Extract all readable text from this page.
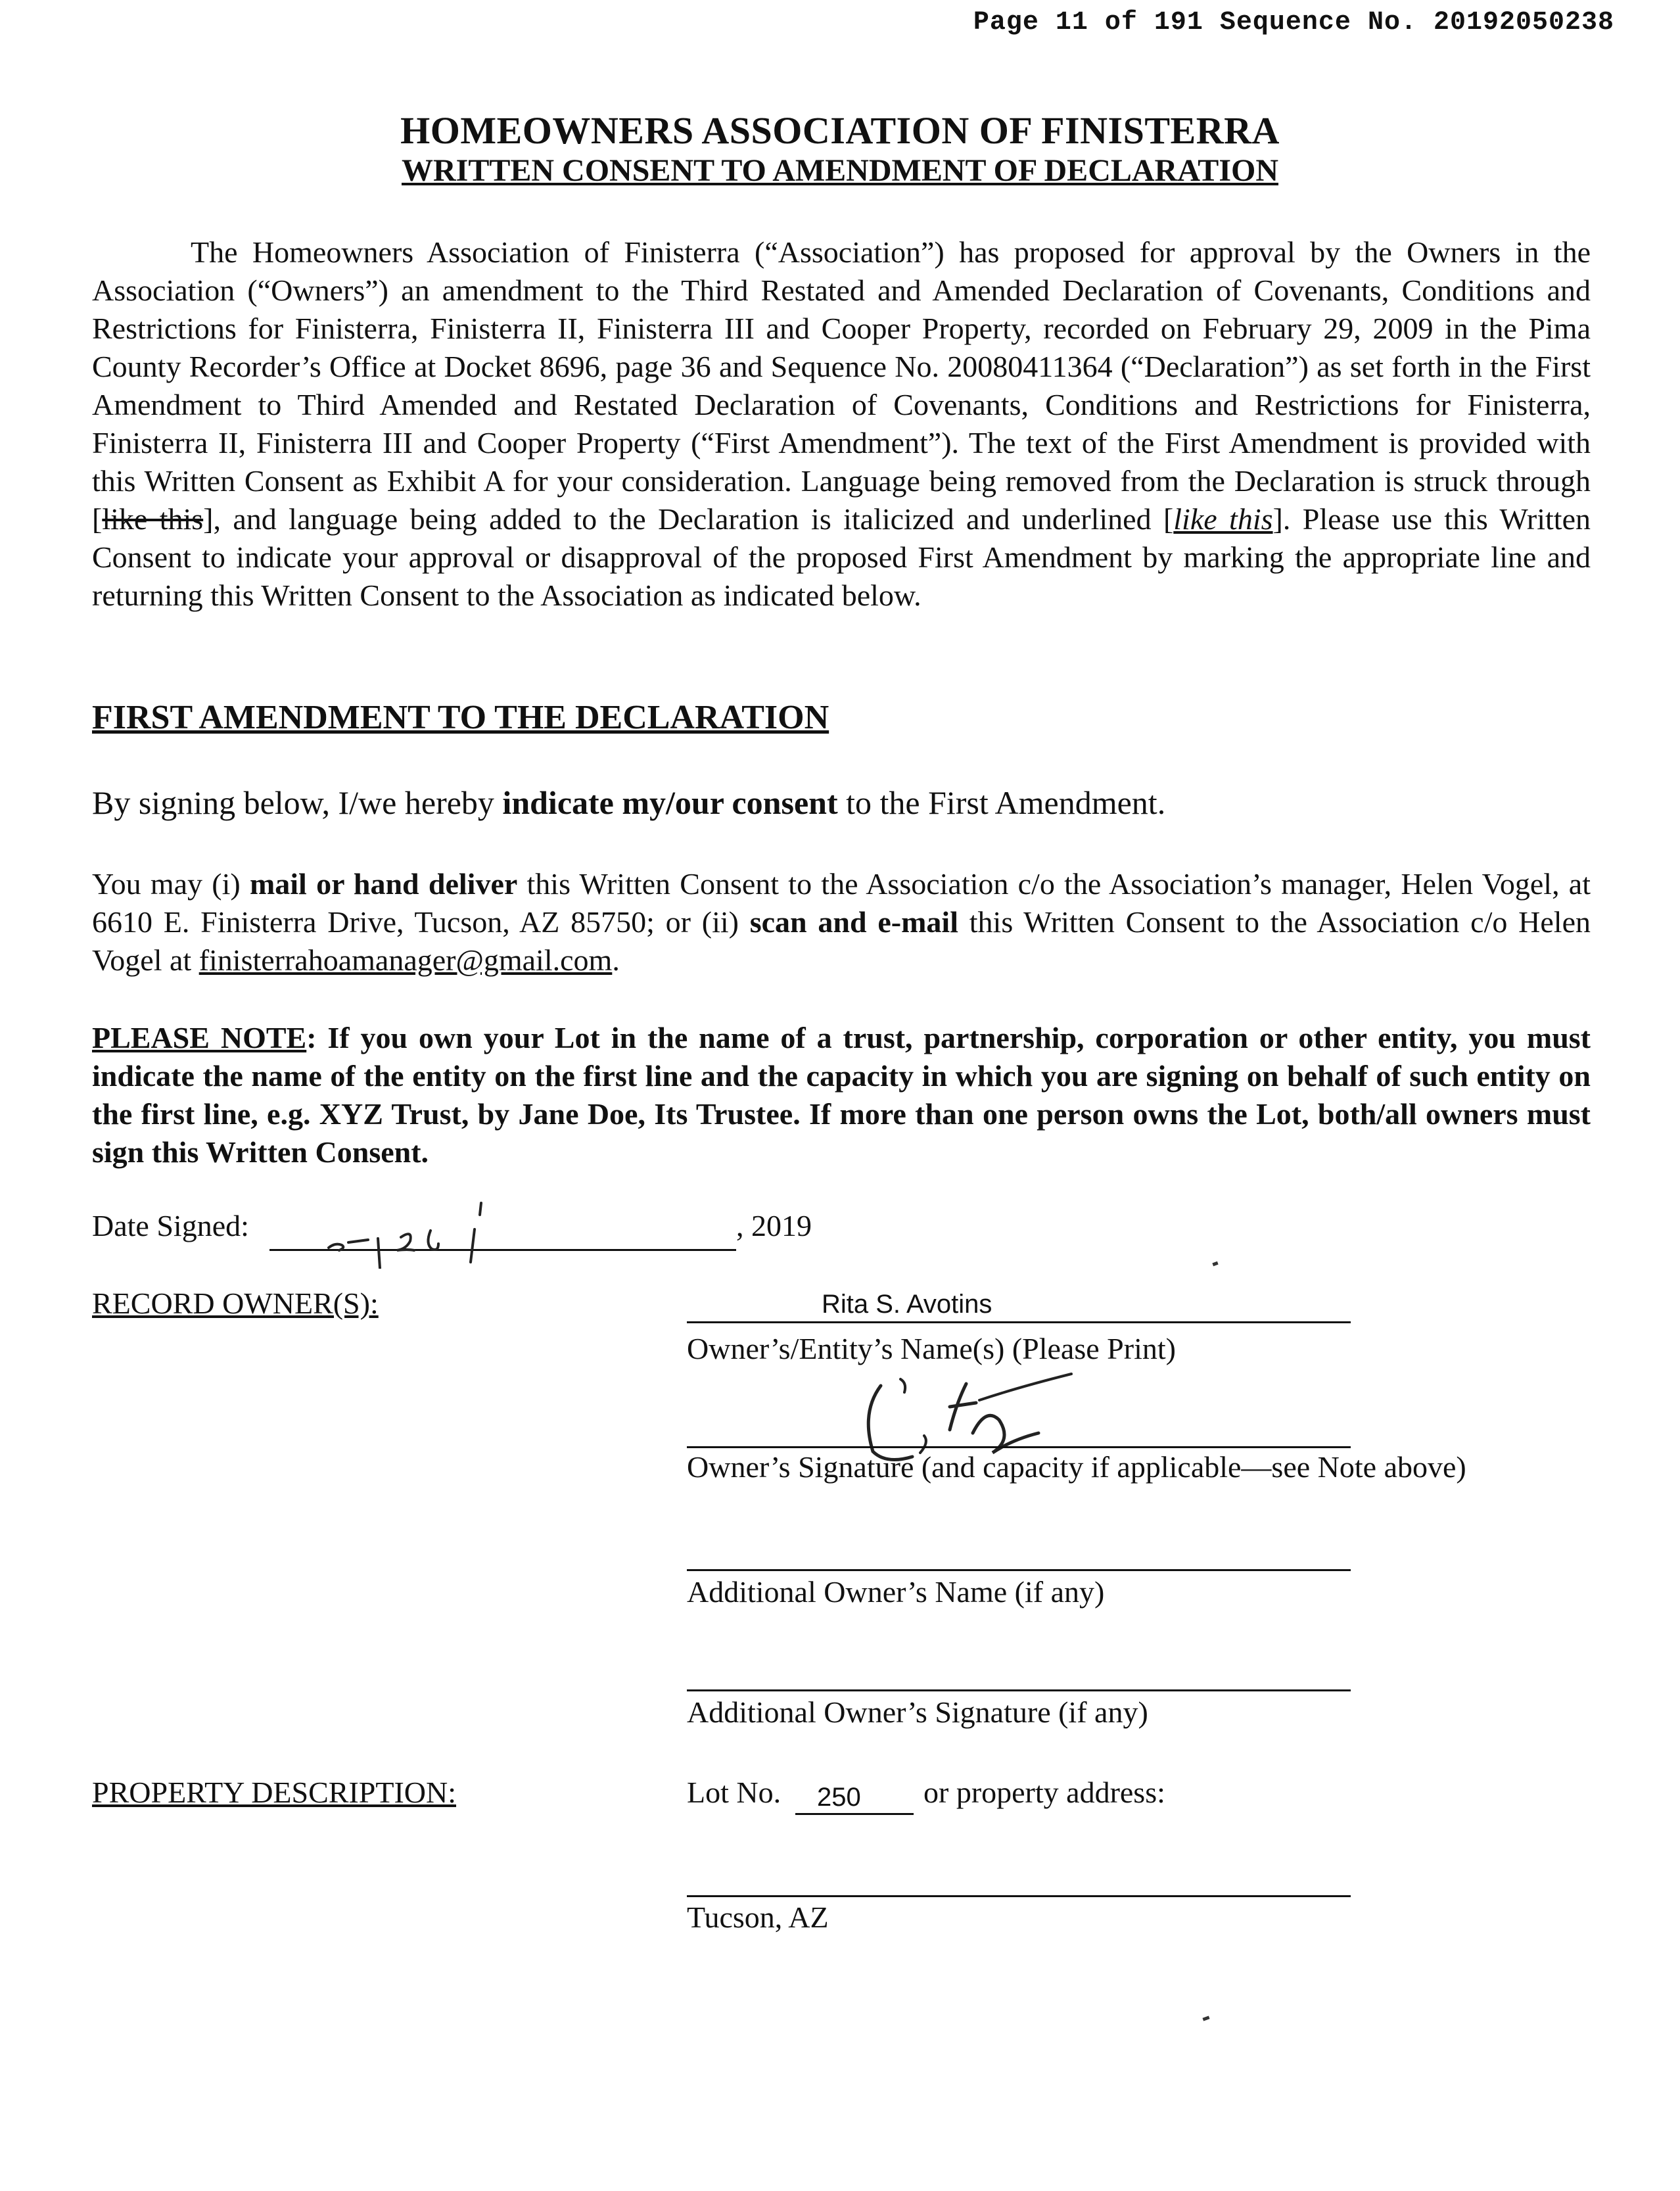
Page 11 of 191 Sequence No. 20192050238
HOMEOWNERS ASSOCIATION OF FINISTERRA
WRITTEN CONSENT TO AMENDMENT OF DECLARATION
The Homeowners Association of Finisterra (“Association”) has proposed for approval by the Owners in the Association (“Owners”) an amendment to the Third Restated and Amended Declaration of Covenants, Conditions and Restrictions for Finisterra, Finisterra II, Finisterra III and Cooper Property, recorded on February 29, 2009 in the Pima County Recorder’s Office at Docket 8696, page 36 and Sequence No. 20080411364 (“Declaration”) as set forth in the First Amendment to Third Amended and Restated Declaration of Covenants, Conditions and Restrictions for Finisterra, Finisterra II, Finisterra III and Cooper Property (“First Amendment”). The text of the First Amendment is provided with this Written Consent as Exhibit A for your consideration. Language being removed from the Declaration is struck through [like this], and language being added to the Declaration is italicized and underlined [like this]. Please use this Written Consent to indicate your approval or disapproval of the proposed First Amendment by marking the appropriate line and returning this Written Consent to the Association as indicated below.
FIRST AMENDMENT TO THE DECLARATION
By signing below, I/we hereby indicate my/our consent to the First Amendment.
You may (i) mail or hand deliver this Written Consent to the Association c/o the Association’s manager, Helen Vogel, at 6610 E. Finisterra Drive, Tucson, AZ 85750; or (ii) scan and e-mail this Written Consent to the Association c/o Helen Vogel at finisterrahoamanager@gmail.com.
PLEASE NOTE: If you own your Lot in the name of a trust, partnership, corporation or other entity, you must indicate the name of the entity on the first line and the capacity in which you are signing on behalf of such entity on the first line, e.g. XYZ Trust, by Jane Doe, Its Trustee. If more than one person owns the Lot, both/all owners must sign this Written Consent.
Date Signed:	, 2019
RECORD OWNER(S):	Rita S. Avotins
Owner’s/Entity’s Name(s) (Please Print)
Owner’s Signature (and capacity if applicable—see Note above)
Additional Owner’s Name (if any)
Additional Owner’s Signature (if any)
PROPERTY DESCRIPTION:	Lot No. 250 or property address:
Tucson, AZ
